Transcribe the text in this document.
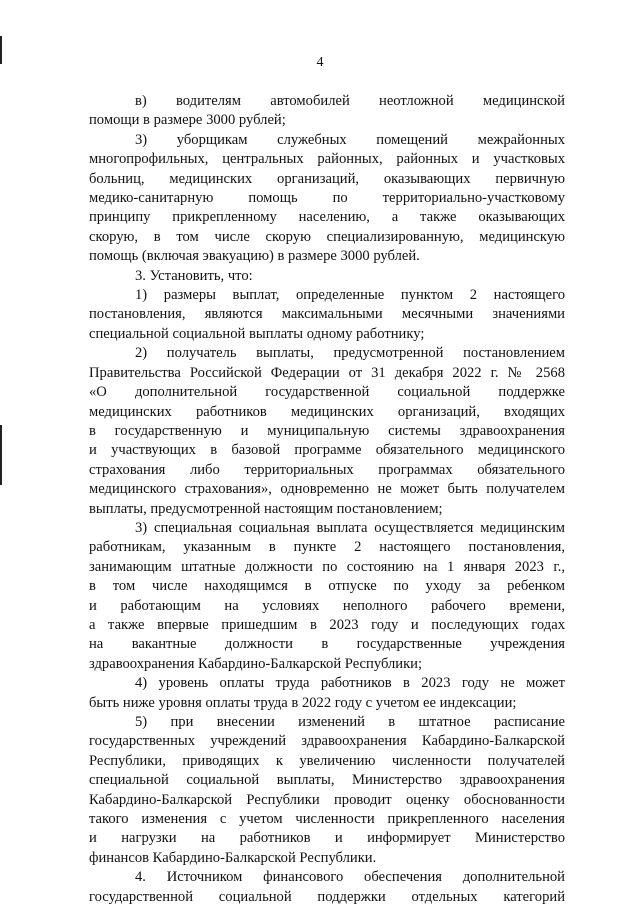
4
в) водителям автомобилей неотложной медицинской
помощи в размере 3000 рублей;
3) уборщикам служебных помещений межрайонных
многопрофильных, центральных районных, районных и участковых
больниц, медицинских организаций, оказывающих первичную
медико-санитарную помощь по территориально-участковому
принципу прикрепленному населению, а также оказывающих
скорую, в том числе скорую специализированную, медицинскую
помощь (включая эвакуацию) в размере 3000 рублей.
3. Установить, что:
1) размеры выплат, определенные пунктом 2 настоящего
постановления, являются максимальными месячными значениями
специальной социальной выплаты одному работнику;
2) получатель выплаты, предусмотренной постановлением
Правительства Российской Федерации от 31 декабря 2022 г. № 2568
«О дополнительной государственной социальной поддержке
медицинских работников медицинских организаций, входящих
в государственную и муниципальную системы здравоохранения
и участвующих в базовой программе обязательного медицинского
страхования либо территориальных программах обязательного
медицинского страхования», одновременно не может быть получателем
выплаты, предусмотренной настоящим постановлением;
3) специальная социальная выплата осуществляется медицинским
работникам, указанным в пункте 2 настоящего постановления,
занимающим штатные должности по состоянию на 1 января 2023 г.,
в том числе находящимся в отпуске по уходу за ребенком
и работающим на условиях неполного рабочего времени,
а также впервые пришедшим в 2023 году и последующих годах
на вакантные должности в государственные учреждения
здравоохранения Кабардино-Балкарской Республики;
4) уровень оплаты труда работников в 2023 году не может
быть ниже уровня оплаты труда в 2022 году с учетом ее индексации;
5) при внесении изменений в штатное расписание
государственных учреждений здравоохранения Кабардино-Балкарской
Республики, приводящих к увеличению численности получателей
специальной социальной выплаты, Министерство здравоохранения
Кабардино-Балкарской Республики проводит оценку обоснованности
такого изменения с учетом численности прикрепленного населения
и нагрузки на работников и информирует Министерство
финансов Кабардино-Балкарской Республики.
4. Источником финансового обеспечения дополнительной
государственной социальной поддержки отдельных категорий
